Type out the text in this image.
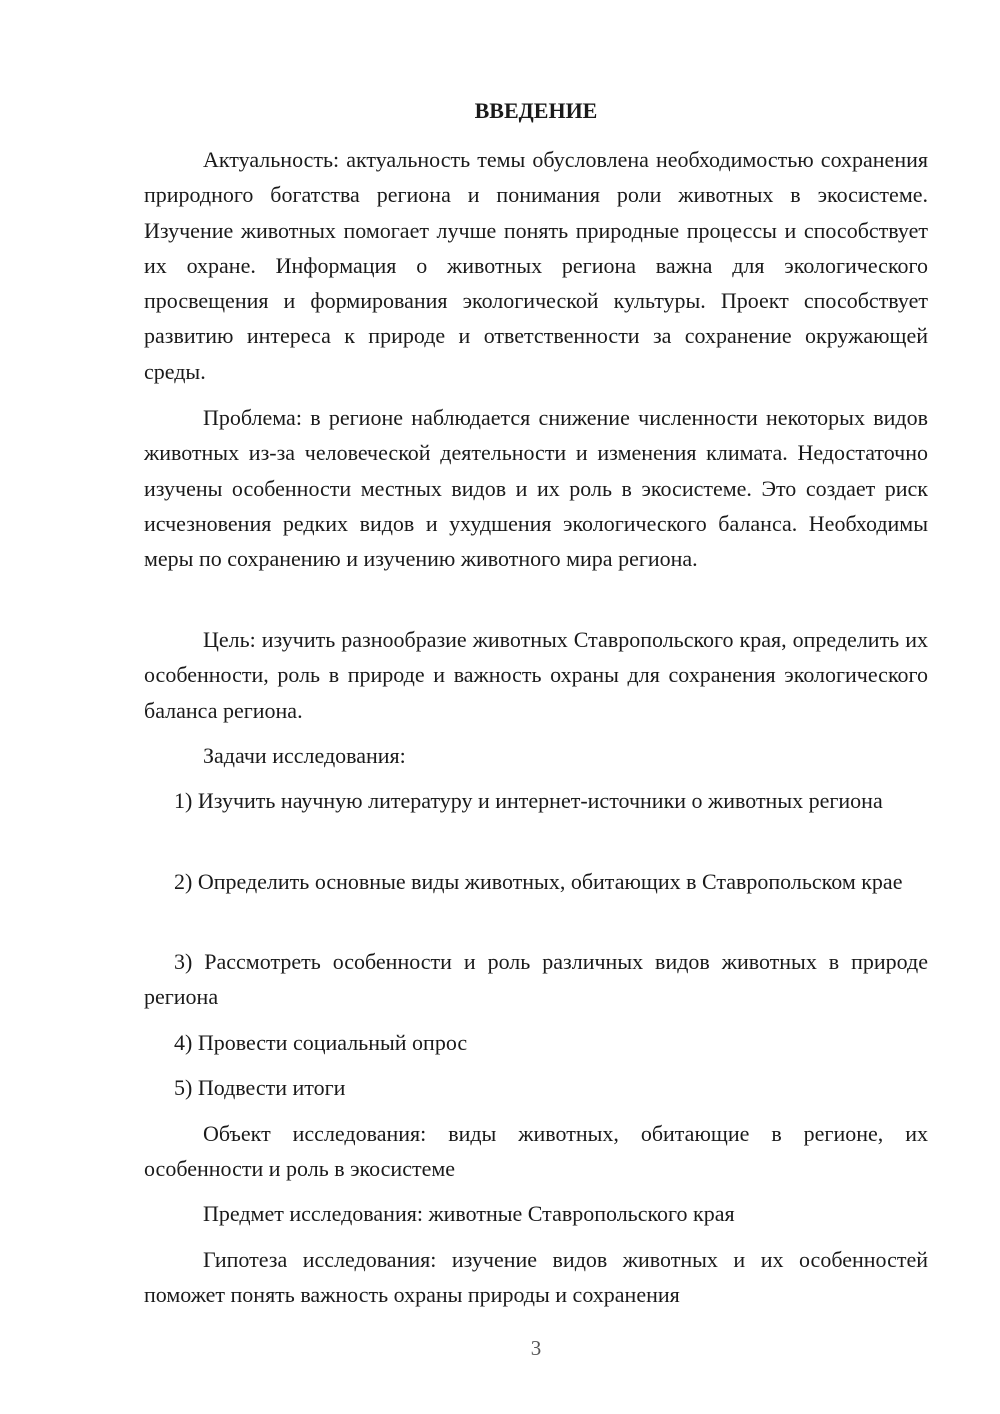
ВВЕДЕНИЕ

Актуальность: актуальность темы обусловлена необходимостью сохранения природного богатства региона и понимания роли животных в экосистеме. Изучение животных помогает лучше понять природные процессы и способствует их охране. Информация о животных региона важна для экологического просвещения и формирования экологической культуры. Проект способствует развитию интереса к природе и ответственности за сохранение окружающей среды.

Проблема: в регионе наблюдается снижение численности некоторых видов животных из-за человеческой деятельности и изменения климата. Недостаточно изучены особенности местных видов и их роль в экосистеме. Это создает риск исчезновения редких видов и ухудшения экологического баланса. Необходимы меры по сохранению и изучению животного мира региона.

Цель: изучить разнообразие животных Ставропольского края, определить их особенности, роль в природе и важность охраны для сохранения экологического баланса региона.

Задачи исследования:

1) Изучить научную литературу и интернет-источники о животных региона

2) Определить основные виды животных, обитающих в Ставропольском крае

3) Рассмотреть особенности и роль различных видов животных в природе региона

4) Провести социальный опрос

5) Подвести итоги

Объект исследования: виды животных, обитающие в регионе, их особенности и роль в экосистеме

Предмет исследования: животные Ставропольского края

Гипотеза исследования: изучение видов животных и их особенностей поможет понять важность охраны природы и сохранения

3
